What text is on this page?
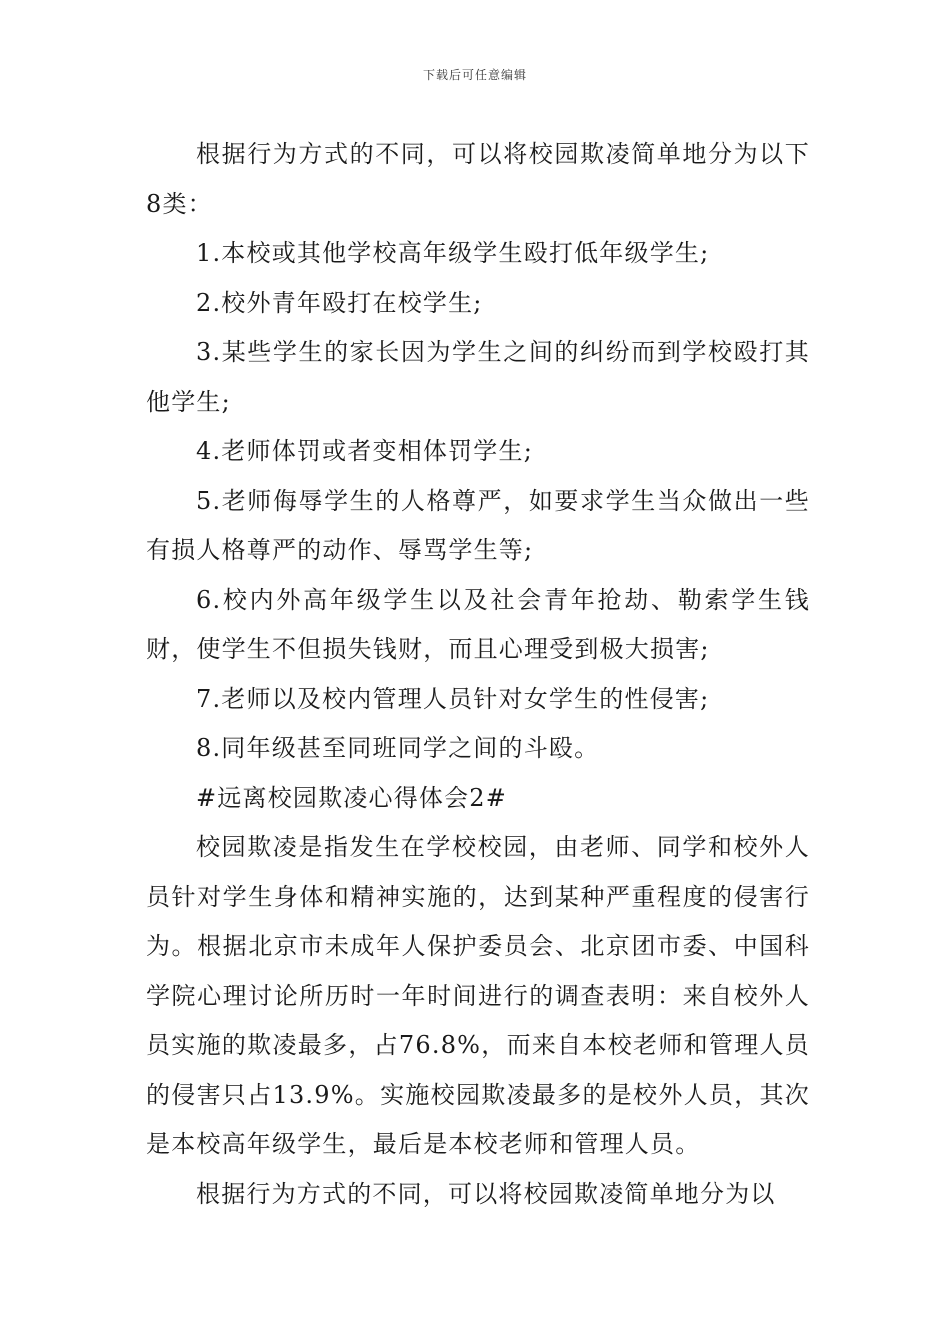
下载后可任意编辑

根据行为方式的不同，可以将校园欺凌简单地分为以下8类：

1.本校或其他学校高年级学生殴打低年级学生;

2.校外青年殴打在校学生;

3.某些学生的家长因为学生之间的纠纷而到学校殴打其他学生;

4.老师体罚或者变相体罚学生;

5.老师侮辱学生的人格尊严，如要求学生当众做出一些有损人格尊严的动作、辱骂学生等;

6.校内外高年级学生以及社会青年抢劫、勒索学生钱财，使学生不但损失钱财，而且心理受到极大损害;

7.老师以及校内管理人员针对女学生的性侵害;

8.同年级甚至同班同学之间的斗殴。

#远离校园欺凌心得体会2#

校园欺凌是指发生在学校校园，由老师、同学和校外人员针对学生身体和精神实施的，达到某种严重程度的侵害行为。根据北京市未成年人保护委员会、北京团市委、中国科学院心理讨论所历时一年时间进行的调查表明：来自校外人员实施的欺凌最多，占76.8%，而来自本校老师和管理人员的侵害只占13.9%。实施校园欺凌最多的是校外人员，其次是本校高年级学生，最后是本校老师和管理人员。

根据行为方式的不同，可以将校园欺凌简单地分为以
